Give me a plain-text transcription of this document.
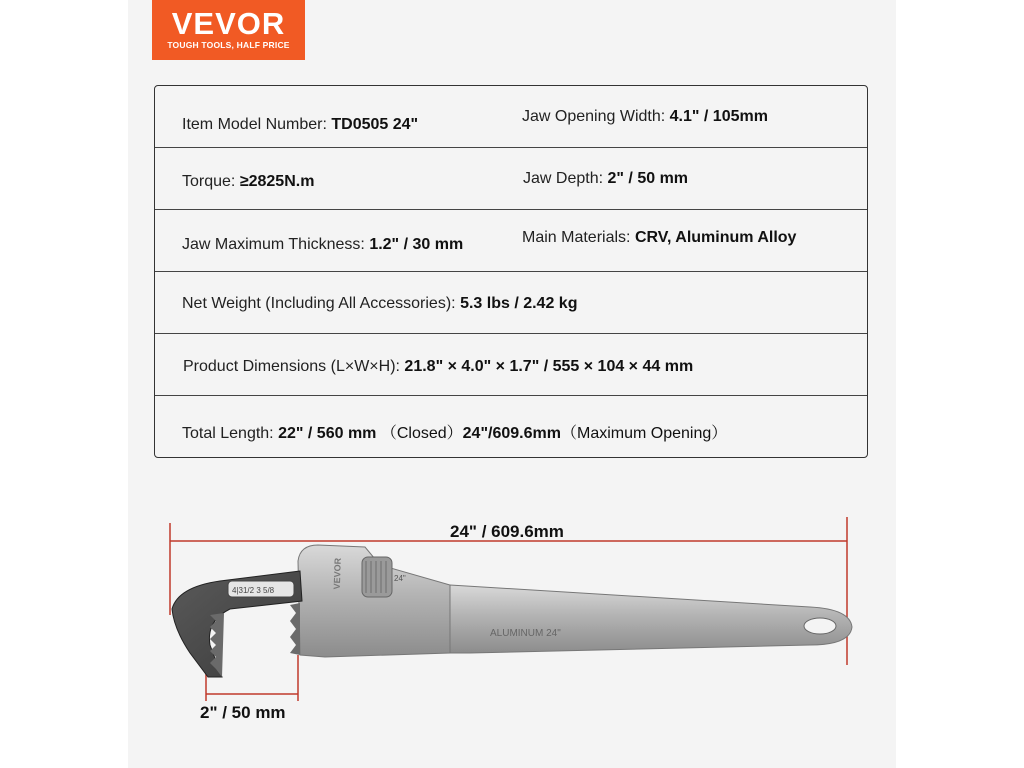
VEVOR
TOUGH TOOLS, HALF PRICE
Item Model Number: TD0505 24"	Jaw Opening Width: 4.1" / 105mm
Torque: ≥2825N.m	Jaw Depth: 2" / 50 mm
Jaw Maximum Thickness: 1.2" / 30 mm	Main Materials: CRV, Aluminum Alloy
Net Weight (Including All Accessories): 5.3 lbs / 2.42 kg
Product Dimensions (L×W×H): 21.8" × 4.0" × 1.7" / 555 × 104 × 44 mm
Total Length: 22" / 560 mm （Closed）24"/609.6mm（Maximum Opening）
ALUMINUM 24"
VEVOR	24"
4|31/2 3 5/8
24" / 609.6mm
2" / 50 mm
